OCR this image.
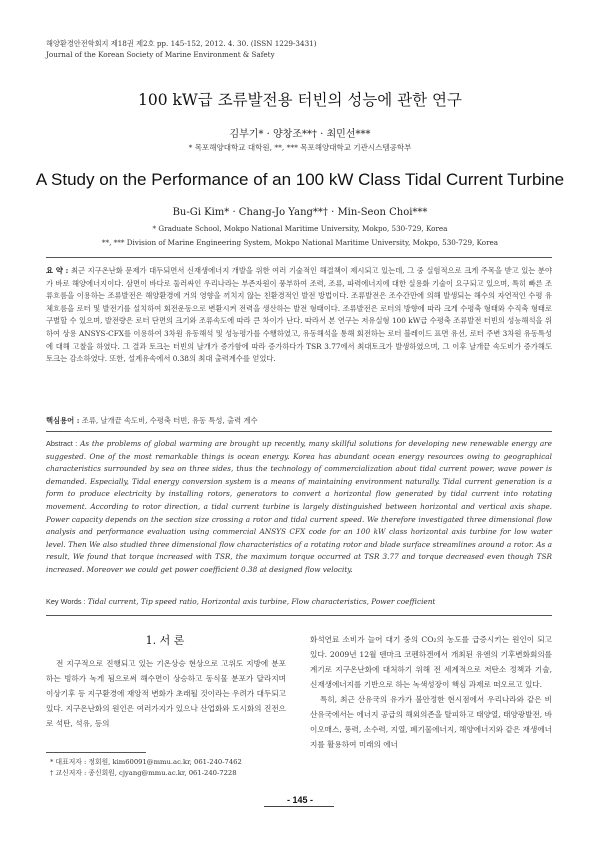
해양환경안전학회지 제18권 제2호 pp. 145-152, 2012. 4. 30. (ISSN 1229-3431)
Journal of the Korean Society of Marine Environment & Safety
100 kW급 조류발전용 터빈의 성능에 관한 연구
김부기* · 양창조**† · 최민선***
* 목포해양대학교 대학원, **, *** 목포해양대학교 기관시스템공학부
A Study on the Performance of an 100 kW Class Tidal Current Turbine
Bu-Gi Kim* · Chang-Jo Yang**† · Min-Seon Choi***
* Graduate School, Mokpo National Maritime University, Mokpo, 530-729, Korea
**, *** Division of Marine Engineering System, Mokpo National Maritime University, Mokpo, 530-729, Korea
요 약 : 최근 지구온난화 문제가 대두되면서 신재생에너지 개발을 위한 여러 기술적인 해결책이 제시되고 있는데, 그 중 실험적으로 크게 주목을 받고 있는 분야가 바로 해양에너지이다. 삼면이 바다로 둘러싸인 우리나라는 부존자원이 풍부하여 조력, 조류, 파력에너지에 대한 실용화 기술이 요구되고 있으며, 특히 빠른 조류흐름을 이용하는 조류발전은 해양환경에 거의 영향을 끼치지 않는 친환경적인 발전 방법이다. 조류발전은 조수간만에 의해 발생되는 해수의 자연적인 수평 유체흐름을 로터 및 발전기를 설치하여 회전운동으로 변환시켜 전력을 생산하는 발전 형태이다. 조류발전은 로터의 방향에 따라 크게 수평축 형태와 수직축 형태로 구별할 수 있으며, 발전량은 로터 단면의 크기와 조류속도에 따라 큰 차이가 난다. 따라서 본 연구는 저유실형 100 kW급 수평축 조류발전 터빈의 성능해석을 위하여 상용 ANSYS-CFX를 이용하여 3차원 유동해석 및 성능평가를 수행하였고, 유동해석을 통해 회전하는 로터 블레이드 표면 유선, 로터 주변 3차원 유동특성에 대해 고찰을 하였다. 그 결과 토크는 터빈의 날개가 증가함에 따라 증가하다가 TSR 3.77에서 최대토크가 발생하였으며, 그 이후 날개끝 속도비가 증가해도 토크는 감소하였다. 또한, 설계유속에서 0.38의 최대 출력계수를 얻었다.
핵심용어 : 조류, 날개끝 속도비, 수평축 터빈, 유동 특성, 출력 계수
Abstract : As the problems of global warming are brought up recently, many skillful solutions for developing new renewable energy are suggested. One of the most remarkable things is ocean energy. Korea has abundant ocean energy resources owing to geographical characteristics surrounded by sea on three sides, thus the technology of commercialization about tidal current power, wave power is demanded. Especially, Tidal energy conversion system is a means of maintaining environment naturally. Tidal current generation is a form to produce electricity by installing rotors, generators to convert a horizontal flow generated by tidal current into rotating movement. According to rotor direction, a tidal current turbine is largely distinguished between horizontal and vertical axis shape. Power capacity depends on the section size crossing a rotor and tidal current speed. We therefore investigated three dimensional flow analysis and performance evaluation using commercial ANSYS CFX code for an 100 kW class horizontal axis turbine for low water level. Then We also studied three dimensional flow characteristics of a rotating rotor and blade surface streamlines around a rotor. As a result, We found that torque increased with TSR, the maximum torque occurred at TSR 3.77 and torque decreased even though TSR increased. Moreover we could get power coefficient 0.38 at designed flow velocity.
Key Words : Tidal current, Tip speed ratio, Horizontal axis turbine, Flow characteristics, Power coefficient
1. 서 론

전 지구적으로 진행되고 있는 기온상승 현상으로 고위도 지방에 분포하는 빙하가 녹게 됨으로써 해수면이 상승하고 동식물 분포가 달라지며 이상기후 등 지구환경에 재앙적 변화가 초래될 것이라는 우려가 대두되고 있다. 지구온난화의 원인은 여러가지가 있으나 산업화와 도시화의 진전으로 석탄, 석유, 등의

화석연료 소비가 늘어 대기 중의 CO₂의 농도를 급증시키는 원인이 되고 있다. 2009년 12월 덴마크 코펜하겐에서 개최된 유엔의 기후변화회의를 계기로 지구온난화에 대처하기 위해 전 세계적으로 저탄소 정책과 기술, 신재생에너지를 기반으로 하는 녹색성장이 핵심 과제로 떠오르고 있다.

특히, 최근 산유국의 유가가 불안정한 현시점에서 우리나라와 같은 비산유국에서는 에너지 공급의 해외의존을 탈피하고 태양열, 태양광발전, 바이오매스, 풍력, 소수력, 지열, 폐기물에너지, 해양에너지와 같은 재생에너지를 활용하여 미래의 에너

* 대표저자 : 정회원, kim60091@mmu.ac.kr, 061-240-7462
† 교신저자 : 종신회원, cjyang@mmu.ac.kr, 061-240-7228
- 145 -
